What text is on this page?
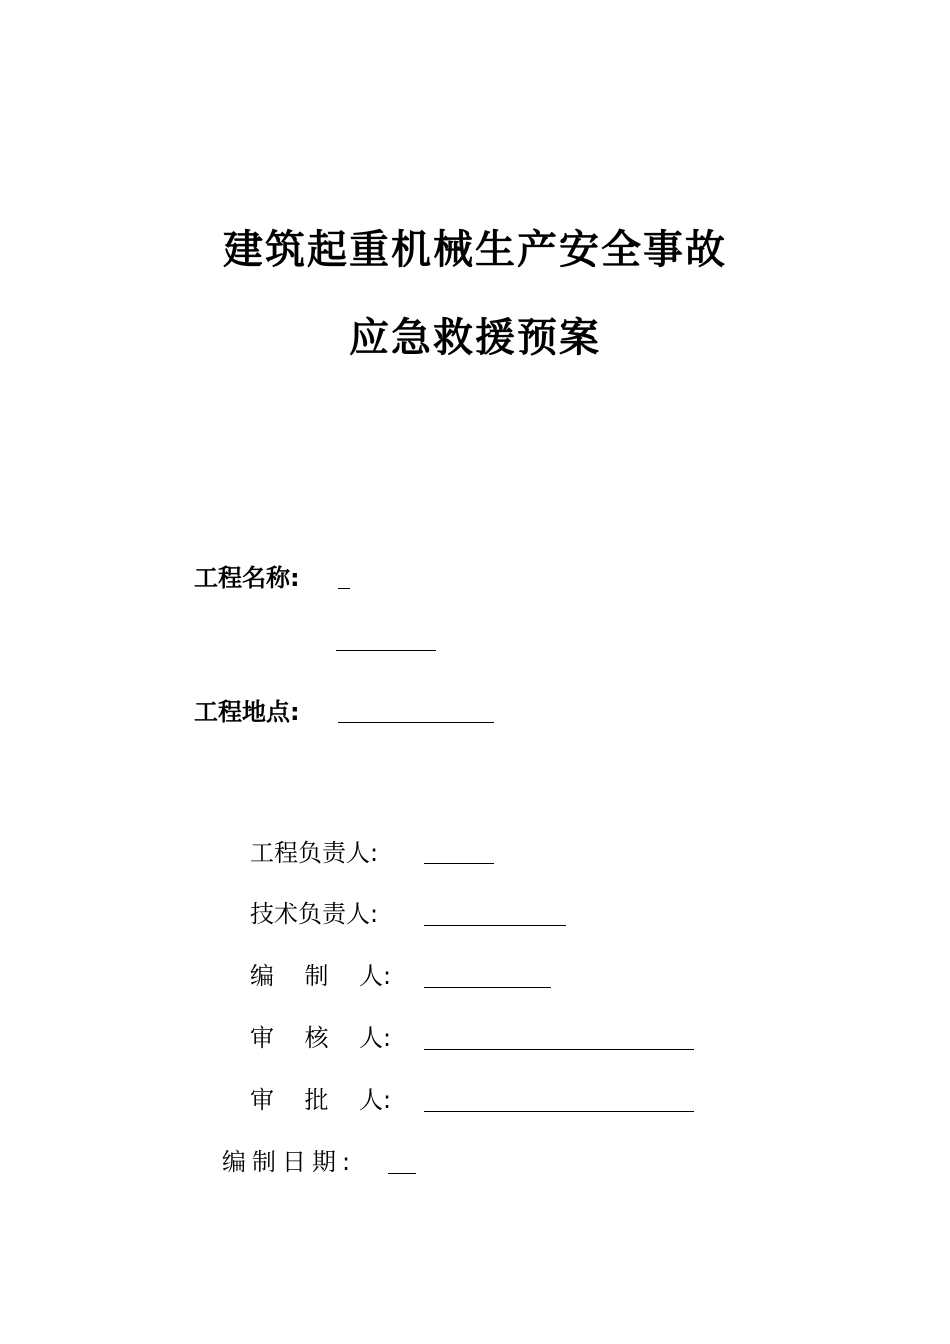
建筑起重机械生产安全事故
应急救援预案
工程名称:
工程地点:
工程负责人:
技术负责人:
编    制    人:
审    核    人:
审    批    人:
编制日期:
